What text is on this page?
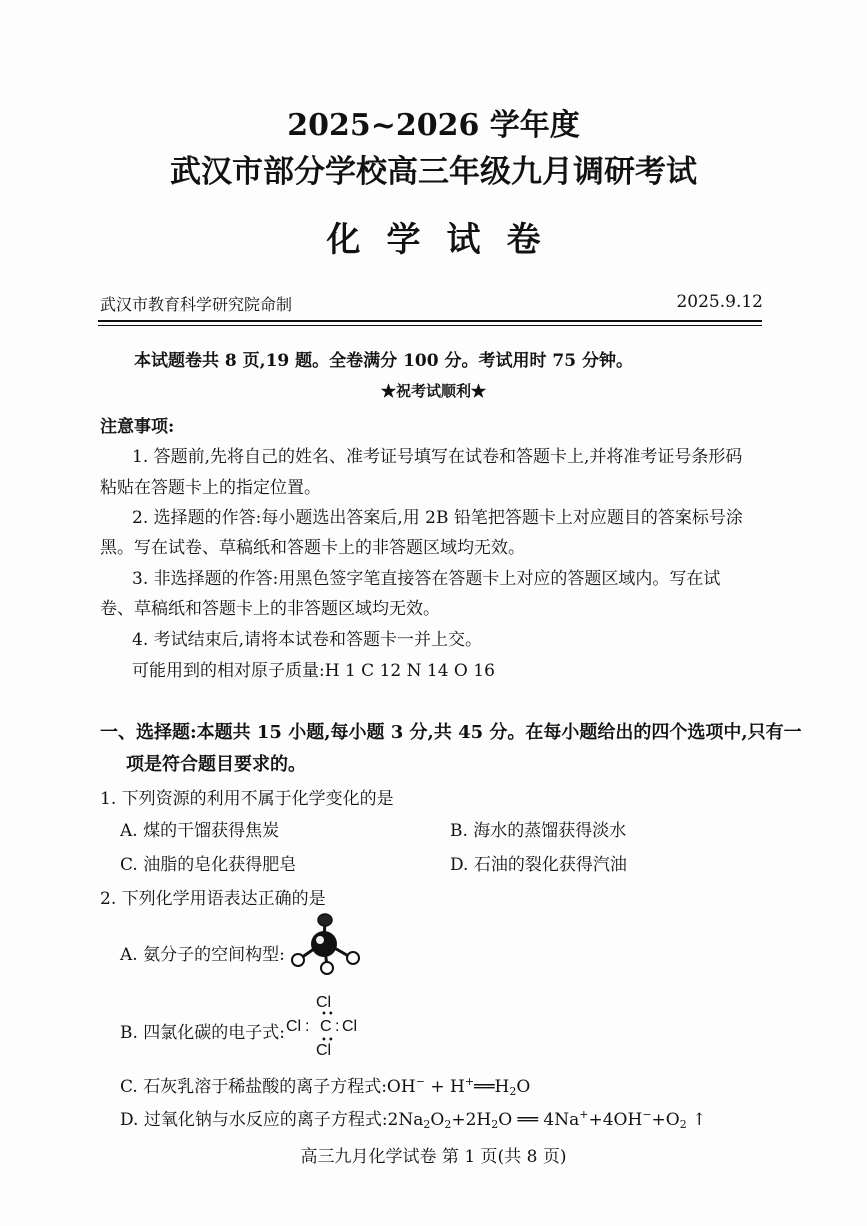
2025~2026 学年度
武汉市部分学校高三年级九月调研考试
化学试卷
武汉市教育科学研究院命制	2025.9.12
本试题卷共 8 页,19 题。全卷满分 100 分。考试用时 75 分钟。
★祝考试顺利★
注意事项:
1. 答题前,先将自己的姓名、准考证号填写在试卷和答题卡上,并将准考证号条形码
粘贴在答题卡上的指定位置。
2. 选择题的作答:每小题选出答案后,用 2B 铅笔把答题卡上对应题目的答案标号涂
黑。写在试卷、草稿纸和答题卡上的非答题区域均无效。
3. 非选择题的作答:用黑色签字笔直接答在答题卡上对应的答题区域内。写在试
卷、草稿纸和答题卡上的非答题区域均无效。
4. 考试结束后,请将本试卷和答题卡一并上交。
可能用到的相对原子质量:H 1 C 12 N 14 O 16
一、选择题:本题共 15 小题,每小题 3 分,共 45 分。在每小题给出的四个选项中,只有一
项是符合题目要求的。
1. 下列资源的利用不属于化学变化的是
A. 煤的干馏获得焦炭	B. 海水的蒸馏获得淡水
C. 油脂的皂化获得肥皂	D. 石油的裂化获得汽油
2. 下列化学用语表达正确的是
A. 氨分子的空间构型:
B. 四氯化碳的电子式:
Cl
Cl : C : Cl
••
••
Cl
C. 石灰乳溶于稀盐酸的离子方程式:OH− + $H^+══H_2O$
D. 过氧化钠与水反应的离子方程式$:2Na_2O_2+2H_2O$ ══ $4Na^++4OH^-+O_2$ ↑
高三九月化学试卷 第 1 页(共 8 页)
